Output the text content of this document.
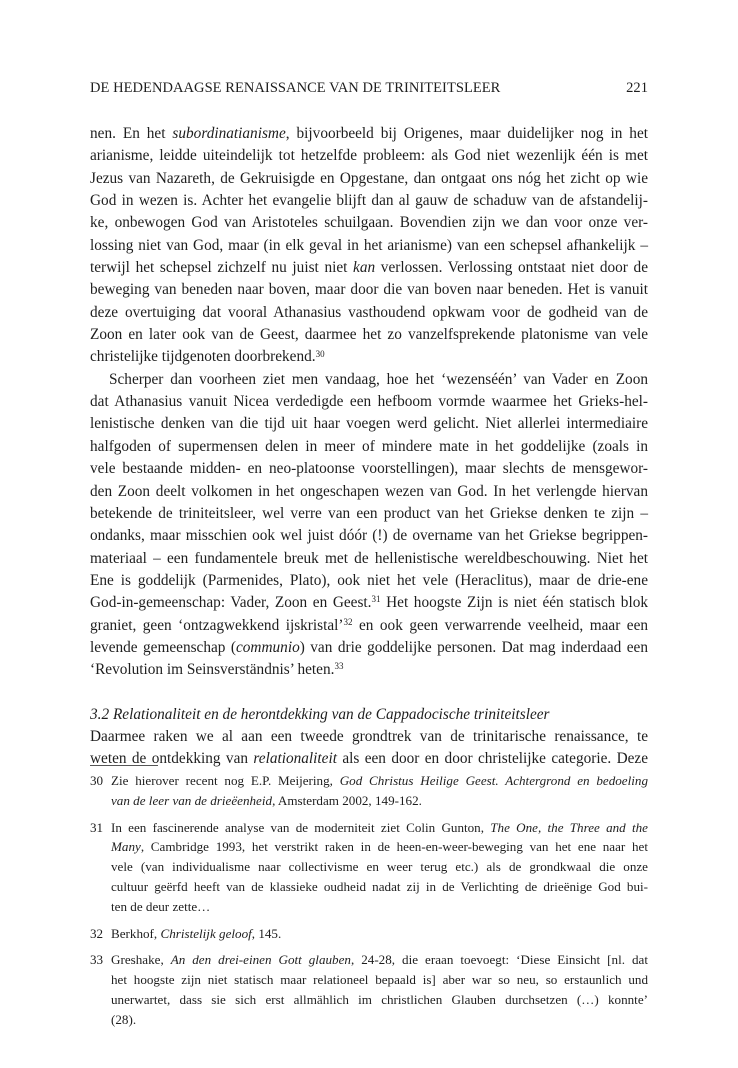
DE HEDENDAAGSE RENAISSANCE VAN DE TRINITEITSLEER	221
nen. En het subordinatianisme, bijvoorbeeld bij Origenes, maar duidelijker nog in het
arianisme, leidde uiteindelijk tot hetzelfde probleem: als God niet wezenlijk één is met
Jezus van Nazareth, de Gekruisigde en Opgestane, dan ontgaat ons nóg het zicht op wie
God in wezen is. Achter het evangelie blijft dan al gauw de schaduw van de afstandelij-
ke, onbewogen God van Aristoteles schuilgaan. Bovendien zijn we dan voor onze ver-
lossing niet van God, maar (in elk geval in het arianisme) van een schepsel afhankelijk –
terwijl het schepsel zichzelf nu juist niet kan verlossen. Verlossing ontstaat niet door de
beweging van beneden naar boven, maar door die van boven naar beneden. Het is vanuit
deze overtuiging dat vooral Athanasius vasthoudend opkwam voor de godheid van de
Zoon en later ook van de Geest, daarmee het zo vanzelfsprekende platonisme van vele
christelijke tijdgenoten doorbrekend.$^{30}$
Scherper dan voorheen ziet men vandaag, hoe het ‘wezenséén’ van Vader en Zoon
dat Athanasius vanuit Nicea verdedigde een hefboom vormde waarmee het Grieks-hel-
lenistische denken van die tijd uit haar voegen werd gelicht. Niet allerlei intermediaire
halfgoden of supermensen delen in meer of mindere mate in het goddelijke (zoals in
vele bestaande midden- en neo-platoonse voorstellingen), maar slechts de mensgewor-
den Zoon deelt volkomen in het ongeschapen wezen van God. In het verlengde hiervan
betekende de triniteitsleer, wel verre van een product van het Griekse denken te zijn –
ondanks, maar misschien ook wel juist dóór (!) de overname van het Griekse begrippen-
materiaal – een fundamentele breuk met de hellenistische wereldbeschouwing. Niet het
Ene is goddelijk (Parmenides, Plato), ook niet het vele (Heraclitus), maar de drie-ene
God-in-gemeenschap: Vader, Zoon en Geest.$^{31}$ Het hoogste Zijn is niet één statisch blok
graniet, geen ‘ontzagwekkend ijskristal’$^{32}$ en ook geen verwarrende veelheid, maar een
levende gemeenschap (communio) van drie goddelijke personen. Dat mag inderdaad een
‘Revolution im Seinsverständnis’ heten.$^{33}$
3.2 Relationaliteit en de herontdekking van de Cappadocische triniteitsleer
Daarmee raken we al aan een tweede grondtrek van de trinitarische renaissance, te
weten de ontdekking van relationaliteit als een door en door christelijke categorie. Deze
30 Zie hierover recent nog E.P. Meijering, God Christus Heilige Geest. Achtergrond en bedoeling
van de leer van de drieëenheid, Amsterdam 2002, 149-162.
31 In een fascinerende analyse van de moderniteit ziet Colin Gunton, The One, the Three and the
Many, Cambridge 1993, het verstrikt raken in de heen-en-weer-beweging van het ene naar het
vele (van individualisme naar collectivisme en weer terug etc.) als de grondkwaal die onze
cultuur geërfd heeft van de klassieke oudheid nadat zij in de Verlichting de drieënige God bui-
ten de deur zette…
32 Berkhof, Christelijk geloof, 145.
33 Greshake, An den drei-einen Gott glauben, 24-28, die eraan toevoegt: ‘Diese Einsicht [nl. dat
het hoogste zijn niet statisch maar relationeel bepaald is] aber war so neu, so erstaunlich und
unerwartet, dass sie sich erst allmählich im christlichen Glauben durchsetzen (…) konnte’
(28).
